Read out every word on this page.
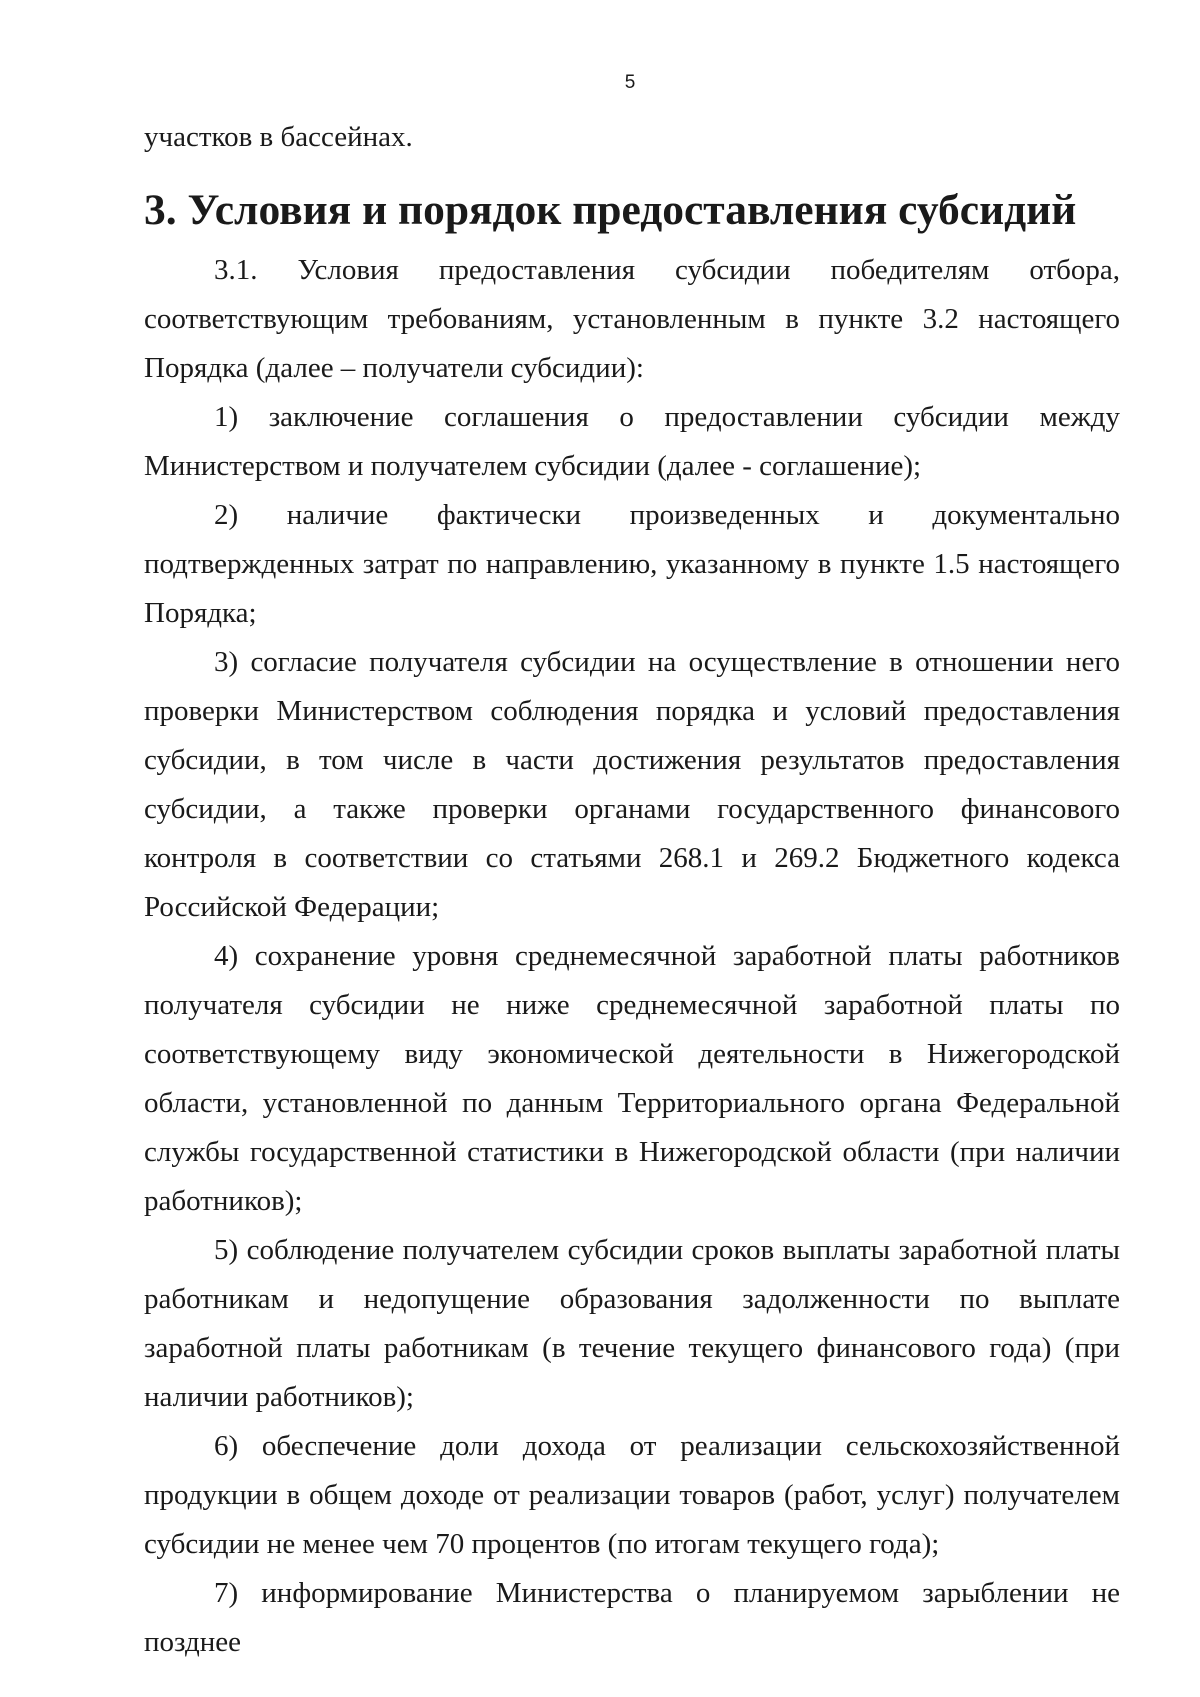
5

участков в бассейнах.

3. Условия и порядок предоставления субсидий

3.1. Условия предоставления субсидии победителям отбора, соответствующим требованиям, установленным в пункте 3.2 настоящего Порядка (далее – получатели субсидии):

1) заключение соглашения о предоставлении субсидии между Министерством и получателем субсидии (далее - соглашение);

2) наличие фактически произведенных и документально подтвержденных затрат по направлению, указанному в пункте 1.5 настоящего Порядка;

3) согласие получателя субсидии на осуществление в отношении него проверки Министерством соблюдения порядка и условий предоставления субсидии, в том числе в части достижения результатов предоставления субсидии, а также проверки органами государственного финансового контроля в соответствии со статьями 268.1 и 269.2 Бюджетного кодекса Российской Федерации;

4) сохранение уровня среднемесячной заработной платы работников получателя субсидии не ниже среднемесячной заработной платы по соответствующему виду экономической деятельности в Нижегородской области, установленной по данным Территориального органа Федеральной службы государственной статистики в Нижегородской области (при наличии работников);

5) соблюдение получателем субсидии сроков выплаты заработной платы работникам и недопущение образования задолженности по выплате заработной платы работникам (в течение текущего финансового года) (при наличии работников);

6) обеспечение доли дохода от реализации сельскохозяйственной продукции в общем доходе от реализации товаров (работ, услуг) получателем субсидии не менее чем 70 процентов (по итогам текущего года);

7) информирование Министерства о планируемом зарыблении не позднее
